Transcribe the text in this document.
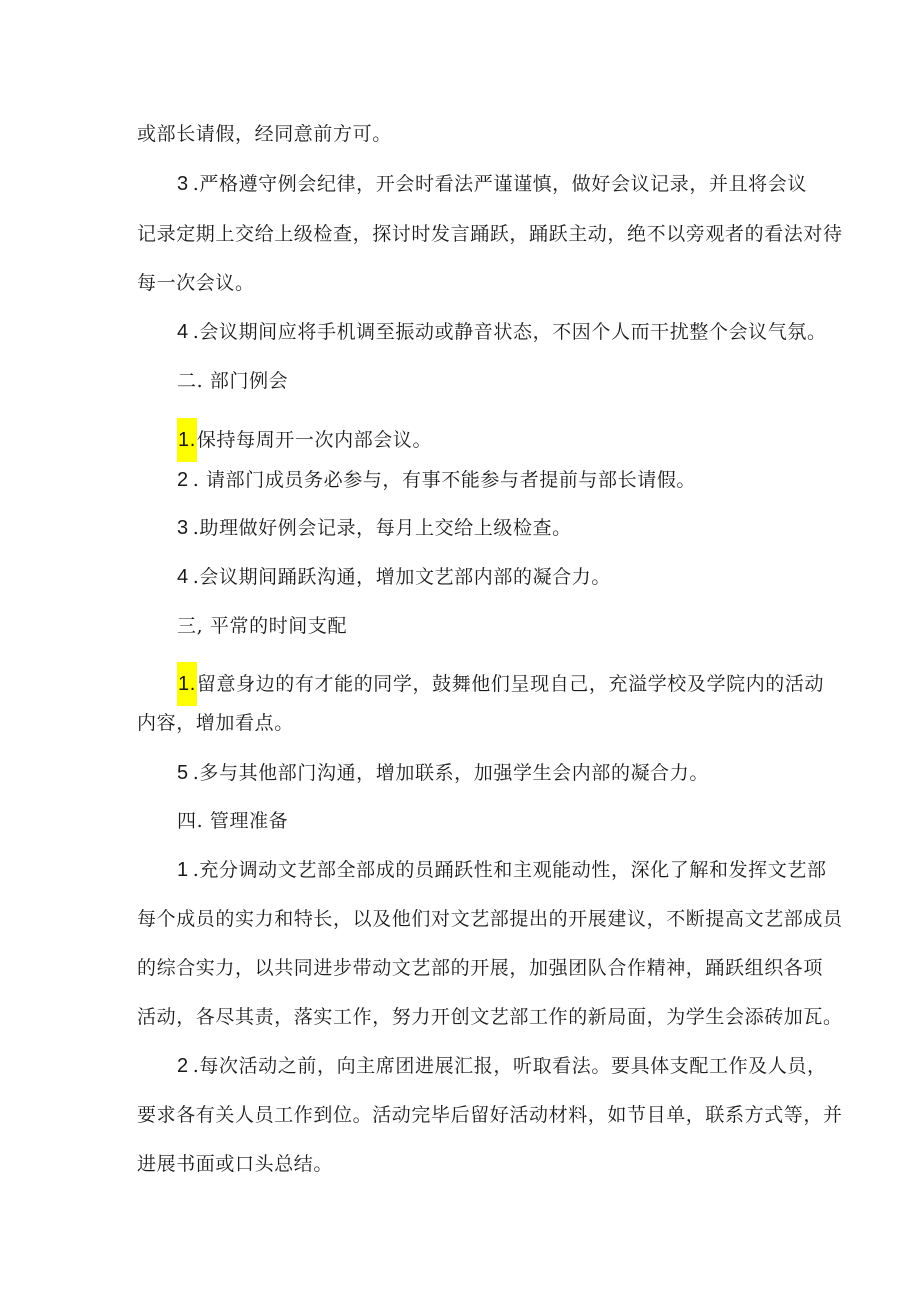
或部长请假，经同意前方可。
3 .严格遵守例会纪律，开会时看法严谨谨慎，做好会议记录，并且将会议
记录定期上交给上级检查，探讨时发言踊跃，踊跃主动，绝不以旁观者的看法对待
每一次会议。
4 .会议期间应将手机调至振动或静音状态，不因个人而干扰整个会议气氛。
二. 部门例会
1.保持每周开一次内部会议。
2 . 请部门成员务必参与，有事不能参与者提前与部长请假。
3 .助理做好例会记录，每月上交给上级检查。
4 .会议期间踊跃沟通，增加文艺部内部的凝合力。
三, 平常的时间支配
1.留意身边的有才能的同学，鼓舞他们呈现自己，充溢学校及学院内的活动
内容，增加看点。
5 .多与其他部门沟通，增加联系，加强学生会内部的凝合力。
四. 管理准备
1 .充分调动文艺部全部成的员踊跃性和主观能动性，深化了解和发挥文艺部
每个成员的实力和特长，以及他们对文艺部提出的开展建议，不断提高文艺部成员
的综合实力，以共同进步带动文艺部的开展，加强团队合作精神，踊跃组织各项
活动，各尽其责，落实工作，努力开创文艺部工作的新局面，为学生会添砖加瓦。
2 .每次活动之前，向主席团进展汇报，听取看法。要具体支配工作及人员，
要求各有关人员工作到位。活动完毕后留好活动材料，如节目单，联系方式等，并
进展书面或口头总结。
